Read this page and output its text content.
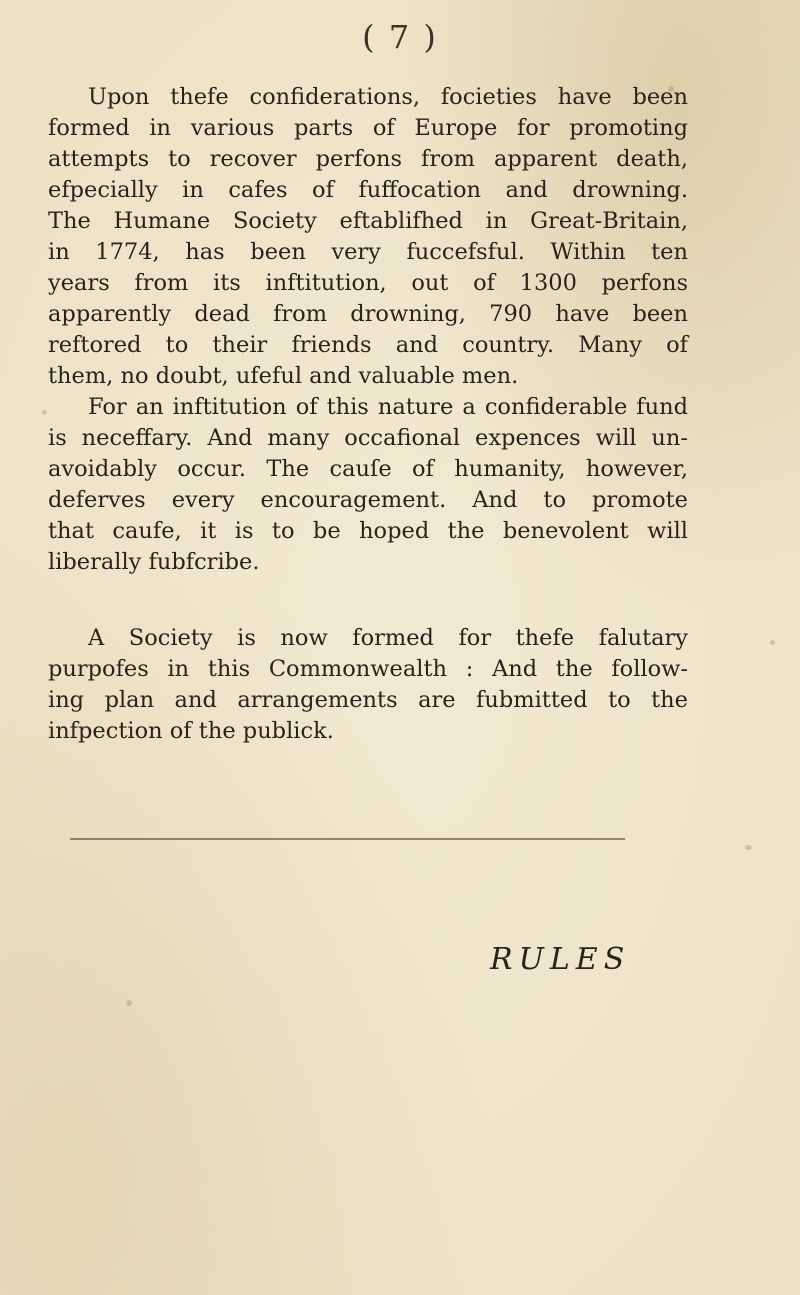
( 7 )

Upon thefe confiderations, focieties have been
formed in various parts of Europe for promoting
attempts to recover perfons from apparent death,
efpecially in cafes of fuffocation and drowning.
The Humane Society eftablifhed in Great-Britain,
in 1774, has been very fuccefsful. Within ten
years from its inftitution, out of 1300 perfons
apparently dead from drowning, 790 have been
reftored to their friends and country. Many of
them, no doubt, ufeful and valuable men.

For an inftitution of this nature a confiderable fund
is neceffary. And many occafional expences will un-
avoidably occur. The cauſe of humanity, however,
deferves every encouragement. And to promote
that caufe, it is to be hoped the benevolent will
liberally fubfcribe.

A Society is now formed for thefe falutary
purpofes in this Commonwealth : And the follow-
ing plan and arrangements are fubmitted to the
infpection of the publick.

RULES
